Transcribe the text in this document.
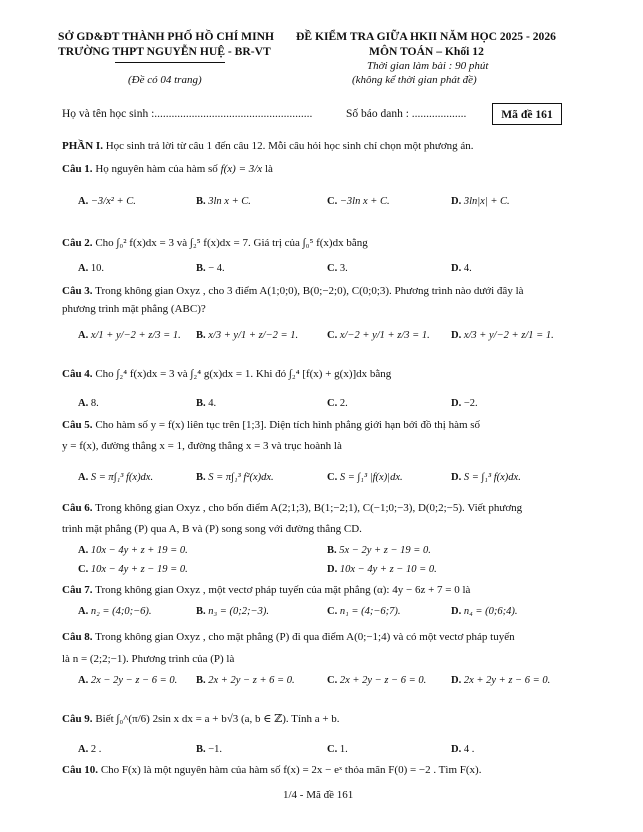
SỞ GD&ĐT THÀNH PHỐ HỒ CHÍ MINH
TRƯỜNG THPT NGUYỄN HUỆ - BR-VT
(Đề có 04 trang)
ĐỀ KIỂM TRA GIỮA HKII NĂM HỌC 2025 - 2026
MÔN TOÁN – Khối 12
Thời gian làm bài : 90 phút
(không kể thời gian phát đề)
Họ và tên học sinh :.......................................................	Số báo danh : ...................	Mã đề 161
PHẦN I. Học sinh trả lời từ câu 1 đến câu 12. Mỗi câu hỏi học sinh chỉ chọn một phương án.
Câu 1. Họ nguyên hàm của hàm số f(x) = 3/x là
A. −3/x² + C.	B. 3ln x + C.	C. −3ln x + C.	D. 3ln|x| + C.
Câu 2. Cho ∫₀² f(x)dx = 3 và ∫₂⁵ f(x)dx = 7. Giá trị của ∫₀⁵ f(x)dx bằng
A. 10.	B. − 4.	C. 3.	D. 4.
Câu 3. Trong không gian Oxyz , cho 3 điểm A(1;0;0), B(0;−2;0), C(0;0;3). Phương trình nào dưới đây là
phương trình mặt phẳng (ABC)?
A. x/1 + y/−2 + z/3 = 1. B. x/3 + y/1 + z/−2 = 1.	C. x/−2 + y/1 + z/3 = 1. D. x/3 + y/−2 + z/1 = 1.
Câu 4. Cho ∫₂⁴ f(x)dx = 3 và ∫₂⁴ g(x)dx = 1. Khi đó ∫₂⁴ [f(x) + g(x)]dx bằng
A. 8.	B. 4.	C. 2.	D. −2.
Câu 5. Cho hàm số y = f(x) liên tục trên [1;3]. Diện tích hình phẳng giới hạn bởi đồ thị hàm số
y = f(x), đường thẳng x = 1, đường thẳng x = 3 và trục hoành là
A. S = π∫₁³ f(x)dx.	B. S = π∫₁³ f²(x)dx.	C. S = ∫₁³ |f(x)|dx.	D. S = ∫₁³ f(x)dx.
Câu 6. Trong không gian Oxyz , cho bốn điểm A(2;1;3), B(1;−2;1), C(−1;0;−3), D(0;2;−5). Viết phương
trình mặt phẳng (P) qua A, B và (P) song song với đường thẳng CD.
A. 10x − 4y + z + 19 = 0.	B. 5x − 2y + z − 19 = 0.
C. 10x − 4y + z − 19 = 0.	D. 10x − 4y + z − 10 = 0.
Câu 7. Trong không gian Oxyz , một vectơ pháp tuyến của mặt phẳng (α): 4y − 6z + 7 = 0 là
A. n₂ = (4;0;−6).	B. n₃ = (0;2;−3).	C. n₁ = (4;−6;7).	D. n₄ = (0;6;4).
Câu 8. Trong không gian Oxyz , cho mặt phẳng (P) đi qua điểm A(0;−1;4) và có một vectơ pháp tuyến
là n = (2;2;−1). Phương trình của (P) là
A. 2x − 2y − z − 6 = 0. B. 2x + 2y − z + 6 = 0.	C. 2x + 2y − z − 6 = 0. D. 2x + 2y + z − 6 = 0.
Câu 9. Biết ∫₀^(π/6) 2sin x dx = a + b√3 (a, b ∈ ℤ). Tính a + b.
A. 2 .	B. −1.	C. 1.	D. 4 .
Câu 10. Cho F(x) là một nguyên hàm của hàm số f(x) = 2x − eˣ thỏa mãn F(0) = −2 . Tìm F(x).
1/4 - Mã đề 161
